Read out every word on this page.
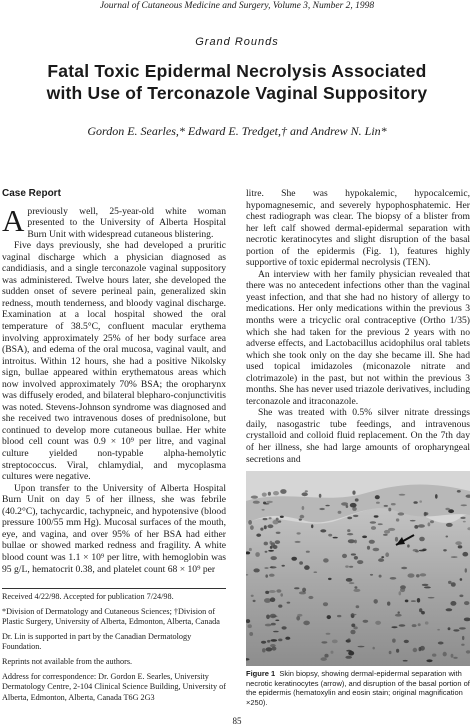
Journal of Cutaneous Medicine and Surgery, Volume 3, Number 2, 1998
Grand Rounds
Fatal Toxic Epidermal Necrolysis Associated
with Use of Terconazole Vaginal Suppository
Gordon E. Searles,* Edward E. Tredget,† and Andrew N. Lin*
Case Report

Apreviously well, 25-year-old white woman presented to the University of Alberta Hospital Burn Unit with widespread cutaneous blistering.

Five days previously, she had developed a pruritic vaginal discharge which a physician diagnosed as candidiasis, and a single terconazole vaginal suppository was administered. Twelve hours later, she developed the sudden onset of severe perineal pain, generalized skin redness, mouth tenderness, and bloody vaginal discharge. Examination at a local hospital showed the oral temperature of 38.5°C, confluent macular erythema involving approximately 25% of her body surface area (BSA), and edema of the oral mucosa, vaginal vault, and introitus. Within 12 hours, she had a positive Nikolsky sign, bullae appeared within erythematous areas which now involved approximately 70% BSA; the oropharynx was diffusely eroded, and bilateral blepharo-conjunctivitis was noted. Stevens-Johnson syndrome was diagnosed and she received two intravenous doses of prednisolone, but continued to develop more cutaneous bullae. Her white blood cell count was 0.9 × 10⁹ per litre, and vaginal culture yielded non-typable alpha-hemolytic streptococcus. Viral, chlamydial, and mycoplasma cultures were negative.

Upon transfer to the University of Alberta Hospital Burn Unit on day 5 of her illness, she was febrile (40.2°C), tachycardic, tachypneic, and hypotensive (blood pressure 100/55 mm Hg). Mucosal surfaces of the mouth, eye, and vagina, and over 95% of her BSA had either bullae or showed marked redness and fragility. A white blood count was 1.1 × 10⁹ per litre, with hemoglobin was 95 g/L, hematocrit 0.38, and platelet count 68 × 10⁹ per

Received 4/22/98. Accepted for publication 7/24/98.

*Division of Dermatology and Cutaneous Sciences; †Division of Plastic Surgery, University of Alberta, Edmonton, Alberta, Canada

Dr. Lin is supported in part by the Canadian Dermatology Foundation.

Reprints not available from the authors.

Address for correspondence: Dr. Gordon E. Searles, University Dermatology Centre, 2-104 Clinical Science Building, University of Alberta, Edmonton, Alberta, Canada T6G 2G3

litre. She was hypokalemic, hypocalcemic, hypomagnesemic, and severely hypophosphatemic. Her chest radiograph was clear. The biopsy of a blister from her left calf showed dermal-epidermal separation with necrotic keratinocytes and slight disruption of the basal portion of the epidermis (Fig. 1), features highly supportive of toxic epidermal necrolysis (TEN).

An interview with her family physician revealed that there was no antecedent infections other than the vaginal yeast infection, and that she had no history of allergy to medications. Her only medications within the previous 3 months were a tricyclic oral contraceptive (Ortho 1/35) which she had taken for the previous 2 years with no adverse effects, and Lactobacillus acidophilus oral tablets which she took only on the day she became ill. She had used topical imidazoles (miconazole nitrate and clotrimazole) in the past, but not within the previous 3 months. She has never used triazole derivatives, including terconazole and itraconazole.

She was treated with 0.5% silver nitrate dressings daily, nasogastric tube feedings, and intravenous crystalloid and colloid fluid replacement. On the 7th day of her illness, she had large amounts of oropharyngeal secretions and

Figure 1 Skin biopsy, showing dermal-epidermal separation with necrotic keratinocytes (arrow), and disruption of the basal portion of the epidermis (hematoxylin and eosin stain; original magnification ×250).
85
